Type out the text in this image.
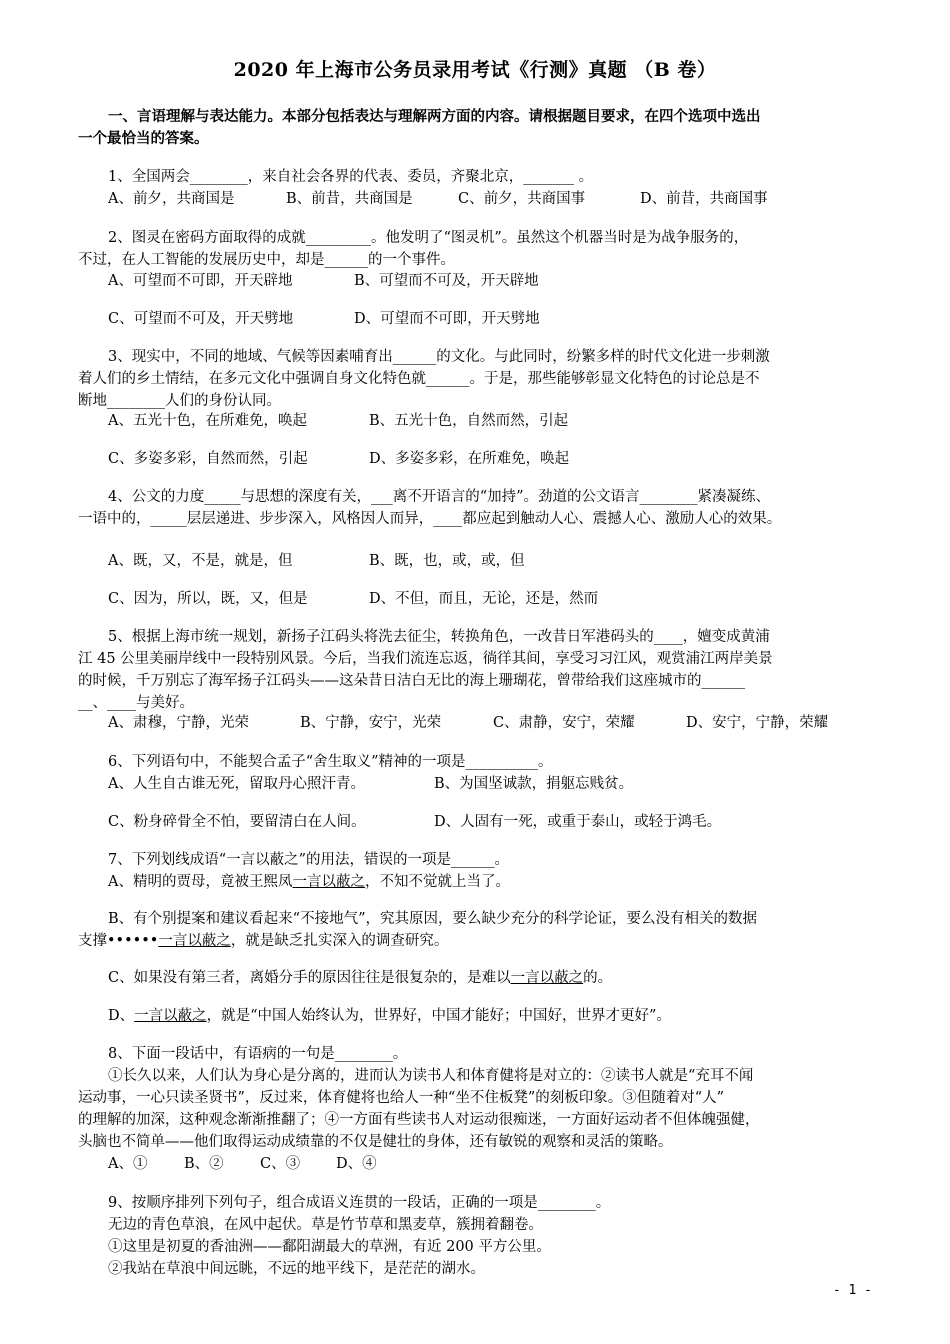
2020 年上海市公务员录用考试《行测》真题 （B 卷）
一、言语理解与表达能力。本部分包括表达与理解两方面的内容。请根据题目要求，在四个选项中选出
一个最恰当的答案。
1、全国两会________，来自社会各界的代表、委员，齐聚北京，_______ 。
A、前夕，共商国是	B、前昔，共商国是	C、前夕，共商国事	D、前昔，共商国事
2、图灵在密码方面取得的成就_________。他发明了“图灵机”。虽然这个机器当时是为战争服务的，
不过，在人工智能的发展历史中，却是______的一个事件。
A、可望而不可即，开天辟地	B、可望而不可及，开天辟地
C、可望而不可及，开天劈地	D、可望而不可即，开天劈地
3、现实中，不同的地域、气候等因素哺育出______的文化。与此同时，纷繁多样的时代文化进一步刺激
着人们的乡土情结，在多元文化中强调自身文化特色就______。于是，那些能够彰显文化特色的讨论总是不
断地________人们的身份认同。
A、五光十色，在所难免，唤起	B、五光十色，自然而然，引起
C、多姿多彩，自然而然，引起	D、多姿多彩，在所难免，唤起
4、公文的力度_____与思想的深度有关，___离不开语言的“加持”。劲道的公文语言________紧凑凝练、
一语中的，_____层层递进、步步深入，风格因人而异，____都应起到触动人心、震撼人心、激励人心的效果。
A、既，又，不是，就是，但	B、既，也，或，或，但
C、因为，所以，既，又，但是	D、不但，而且，无论，还是，然而
5、根据上海市统一规划，新扬子江码头将洗去征尘，转换角色，一改昔日军港码头的____，嬗变成黄浦
江 45 公里美丽岸线中一段特别风景。今后，当我们流连忘返，徜徉其间，享受习习江风，观赏浦江两岸美景
的时候，千万别忘了海军扬子江码头——这朵昔日洁白无比的海上珊瑚花，曾带给我们这座城市的______
__、____与美好。
A、肃穆，宁静，光荣	B、宁静，安宁，光荣	C、肃静，安宁，荣耀	D、安宁，宁静，荣耀
6、下列语句中，不能契合孟子“舍生取义”精神的一项是__________。
A、人生自古谁无死，留取丹心照汗青。	B、为国坚诚款，捐躯忘贱贫。
C、粉身碎骨全不怕，要留清白在人间。	D、人固有一死，或重于泰山，或轻于鸿毛。
7、下列划线成语“一言以蔽之”的用法，错误的一项是______。
A、精明的贾母，竟被王熙凤一言以蔽之，不知不觉就上当了。
B、有个别提案和建议看起来“不接地气”，究其原因，要么缺少充分的科学论证，要么没有相关的数据
支撑••••••一言以蔽之，就是缺乏扎实深入的调查研究。
C、如果没有第三者，离婚分手的原因往往是很复杂的，是难以一言以蔽之的。
D、一言以蔽之，就是“中国人始终认为，世界好，中国才能好；中国好，世界才更好”。
8、下面一段话中，有语病的一句是________。
①长久以来，人们认为身心是分离的，进而认为读书人和体育健将是对立的：②读书人就是“充耳不闻
运动事，一心只读圣贤书”，反过来，体育健将也给人一种“坐不住板凳”的刻板印象。③但随着对“人”
的理解的加深，这种观念渐渐推翻了；④一方面有些读书人对运动很痴迷，一方面好运动者不但体魄强健，
头脑也不简单——他们取得运动成绩靠的不仅是健壮的身体，还有敏锐的观察和灵活的策略。
A、①	B、②	C、③ D、④
9、按顺序排列下列句子，组合成语义连贯的一段话，正确的一项是________。
无边的青色草浪，在风中起伏。草是竹节草和黑麦草，簇拥着翻卷。
①这里是初夏的香油洲——鄱阳湖最大的草洲，有近 200 平方公里。
②我站在草浪中间远眺，不远的地平线下，是茫茫的湖水。
- 1 -
